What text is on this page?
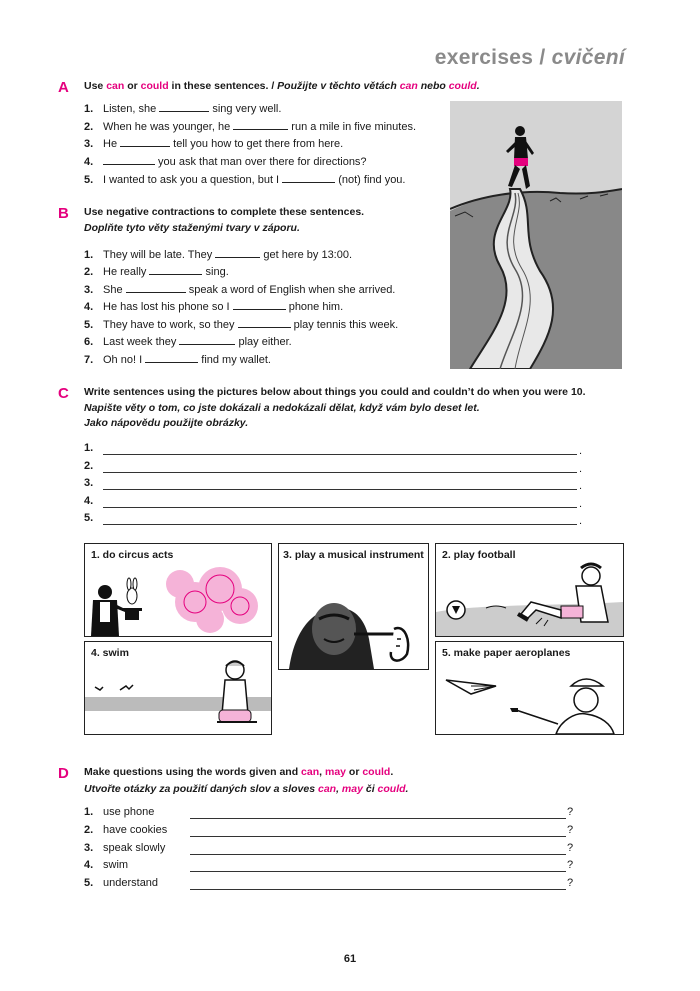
exercises / cvičení
A Use can or could in these sentences. / Použijte v těchto větách can nebo could.
1. Listen, she	sing very well.
2. When he was younger, he	run a mile in five minutes.
3. He	tell you how to get there from here.
4.	you ask that man over there for directions?
5. I wanted to ask you a question, but I	(not) find you.
B Use negative contractions to complete these sentences.
Doplňte tyto věty staženými tvary v záporu.
1. They will be late. They	get here by 13:00.
2. He really	sing.
3. She	speak a word of English when she arrived.
4. He has lost his phone so I	phone him.
5. They have to work, so they	play tennis this week.
6. Last week they	play either.
7. Oh no! I	find my wallet.
C Write sentences using the pictures below about things you could and couldn’t do when you were 10.
Napište věty o tom, co jste dokázali a nedokázali dělat, když vám bylo deset let.
Jako nápovědu použijte obrázky.
1.
.
2.
.
3.
.
4.
.
5.
.
1. do circus acts	3. play a musical instrument	2. play football
4. swim	5. make paper aeroplanes
D Make questions using the words given and can, may or could.
Utvořte otázky za použití daných slov a sloves can, may či could.
1. use phone	?
2. have cookies	?
3. speak slowly	?
4. swim	?
5. understand	?
61
